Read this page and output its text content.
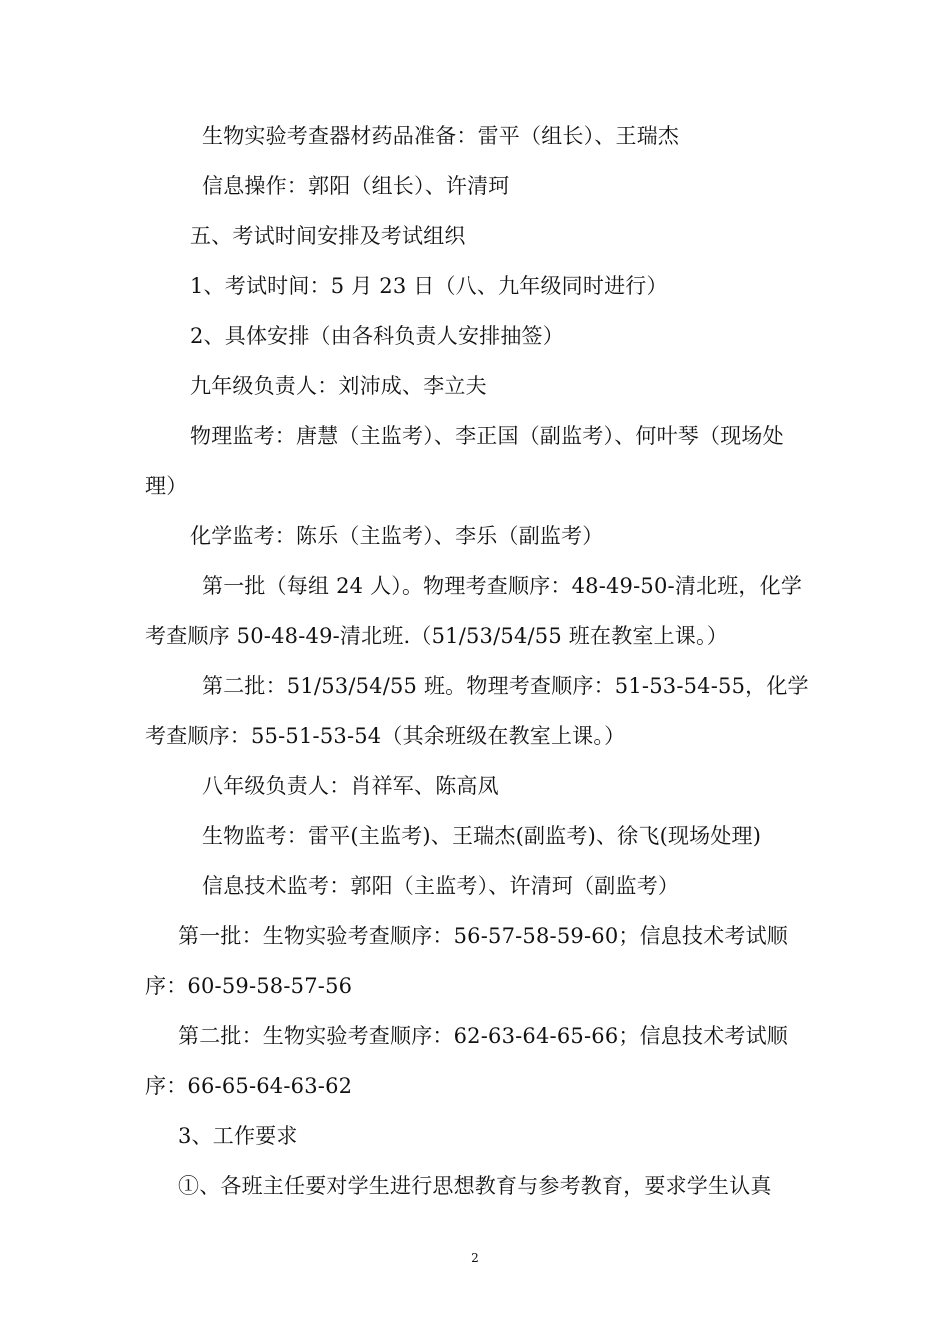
生物实验考查器材药品准备：雷平（组长）、王瑞杰
信息操作：郭阳（组长）、许清珂
五、考试时间安排及考试组织
1、考试时间：5 月 23 日（八、九年级同时进行）
2、具体安排（由各科负责人安排抽签）
九年级负责人：刘沛成、李立夫
物理监考：唐慧（主监考）、李正国（副监考）、何叶琴（现场处
理）
化学监考：陈乐（主监考）、李乐（副监考）
第一批（每组 24 人）。物理考查顺序：48-49-50-清北班，化学
考查顺序 50-48-49-清北班.（51/53/54/55 班在教室上课。）
第二批：51/53/54/55 班。物理考查顺序：51-53-54-55，化学
考查顺序：55-51-53-54（其余班级在教室上课。）
八年级负责人：肖祥军、陈高凤
生物监考：雷平(主监考)、王瑞杰(副监考)、徐飞(现场处理)
信息技术监考：郭阳（主监考）、许清珂（副监考）
第一批：生物实验考查顺序：56-57-58-59-60；信息技术考试顺
序：60-59-58-57-56
第二批：生物实验考查顺序：62-63-64-65-66；信息技术考试顺
序：66-65-64-63-62
3、工作要求
①、各班主任要对学生进行思想教育与参考教育，要求学生认真
2
